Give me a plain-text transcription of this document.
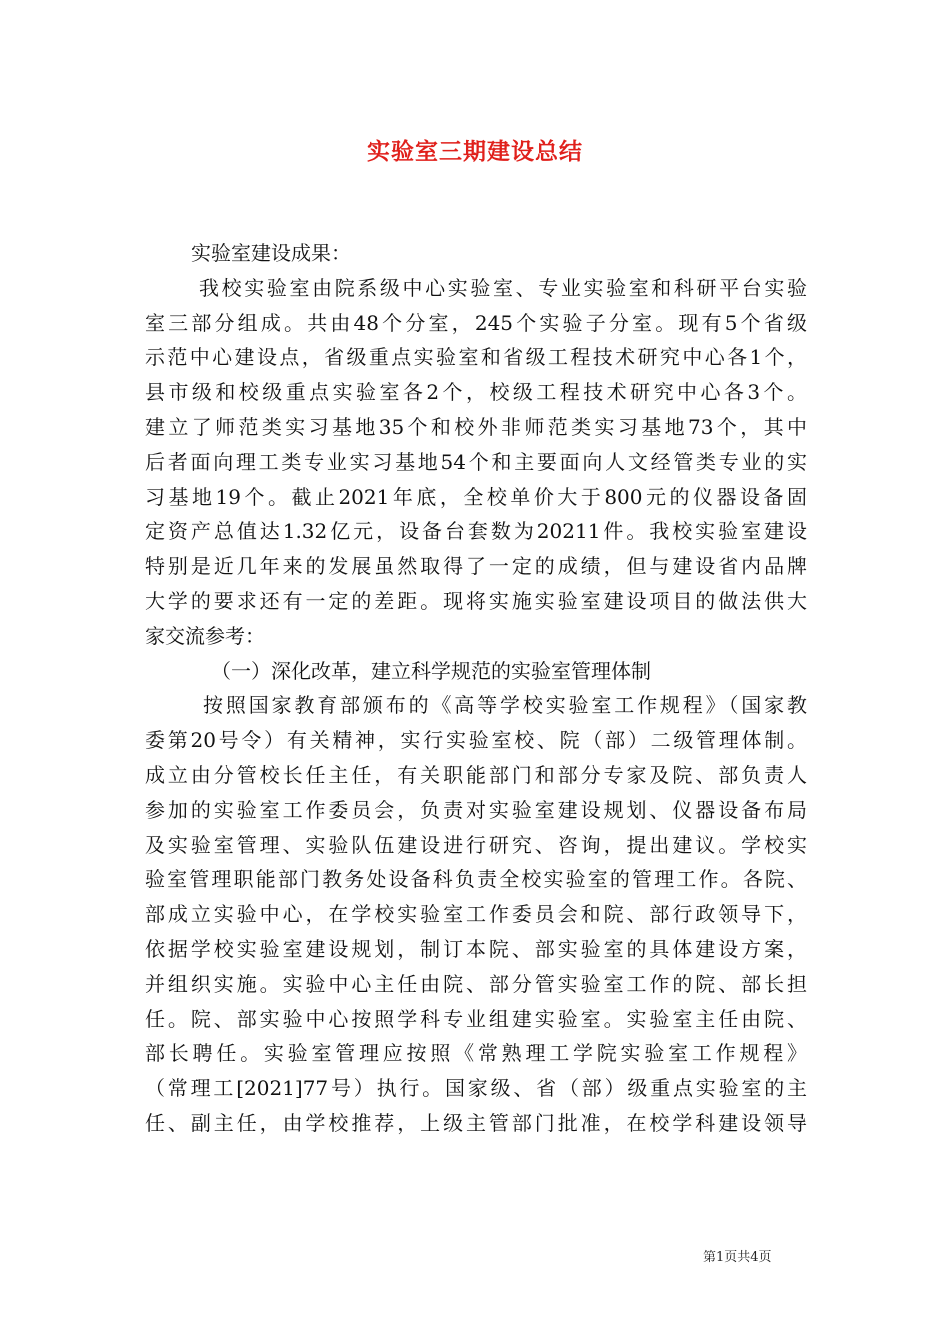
实验室三期建设总结
实验室建设成果：
我校实验室由院系级中心实验室、专业实验室和科研平台实验
室三部分组成。共由48个分室，245个实验子分室。现有5个省级
示范中心建设点，省级重点实验室和省级工程技术研究中心各1个，
县市级和校级重点实验室各2个，校级工程技术研究中心各3个。
建立了师范类实习基地35个和校外非师范类实习基地73个，其中
后者面向理工类专业实习基地54个和主要面向人文经管类专业的实
习基地19个。截止2021年底，全校单价大于800元的仪器设备固
定资产总值达1.32亿元，设备台套数为20211件。我校实验室建设
特别是近几年来的发展虽然取得了一定的成绩，但与建设省内品牌
大学的要求还有一定的差距。现将实施实验室建设项目的做法供大
家交流参考：
（一）深化改革，建立科学规范的实验室管理体制
按照国家教育部颁布的《高等学校实验室工作规程》（国家教
委第20号令）有关精神，实行实验室校、院（部）二级管理体制。
成立由分管校长任主任，有关职能部门和部分专家及院、部负责人
参加的实验室工作委员会，负责对实验室建设规划、仪器设备布局
及实验室管理、实验队伍建设进行研究、咨询，提出建议。学校实
验室管理职能部门教务处设备科负责全校实验室的管理工作。各院、
部成立实验中心，在学校实验室工作委员会和院、部行政领导下，
依据学校实验室建设规划，制订本院、部实验室的具体建设方案，
并组织实施。实验中心主任由院、部分管实验室工作的院、部长担
任。院、部实验中心按照学科专业组建实验室。实验室主任由院、
部长聘任。实验室管理应按照《常熟理工学院实验室工作规程》
（常理工[2021]77号）执行。国家级、省（部）级重点实验室的主
任、副主任，由学校推荐，上级主管部门批准，在校学科建设领导
第1页共4页
